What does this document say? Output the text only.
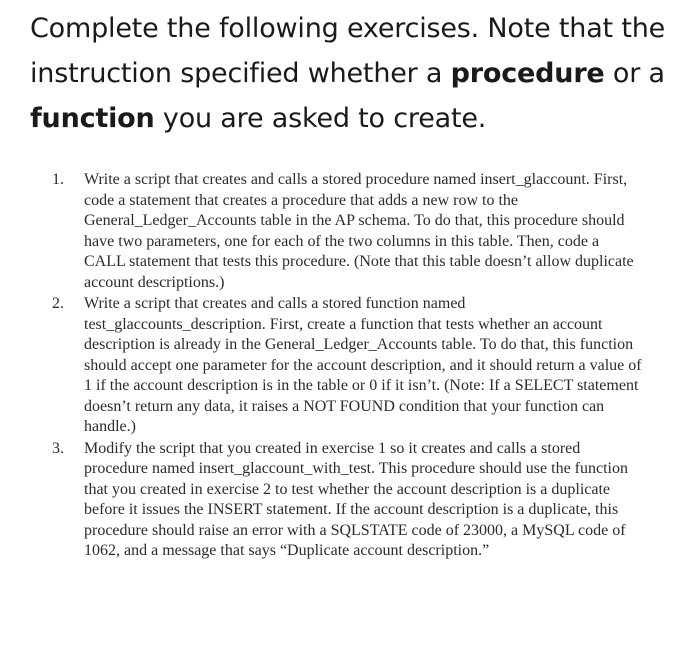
Complete the following exercises. Note that the instruction specified whether a procedure or a function you are asked to create.
1.	Write a script that creates and calls a stored procedure named insert_glaccount. First, code a statement that creates a procedure that adds a new row to the General_Ledger_Accounts table in the AP schema. To do that, this procedure should have two parameters, one for each of the two columns in this table. Then, code a CALL statement that tests this procedure. (Note that this table doesn’t allow duplicate account descriptions.)
2.	Write a script that creates and calls a stored function named test_glaccounts_description. First, create a function that tests whether an account description is already in the General_Ledger_Accounts table. To do that, this function should accept one parameter for the account description, and it should return a value of 1 if the account description is in the table or 0 if it isn’t. (Note: If a SELECT statement doesn’t return any data, it raises a NOT FOUND condition that your function can handle.)
3.	Modify the script that you created in exercise 1 so it creates and calls a stored procedure named insert_glaccount_with_test. This procedure should use the function that you created in exercise 2 to test whether the account description is a duplicate before it issues the INSERT statement. If the account description is a duplicate, this procedure should raise an error with a SQLSTATE code of 23000, a MySQL code of 1062, and a message that says “Duplicate account description.”
